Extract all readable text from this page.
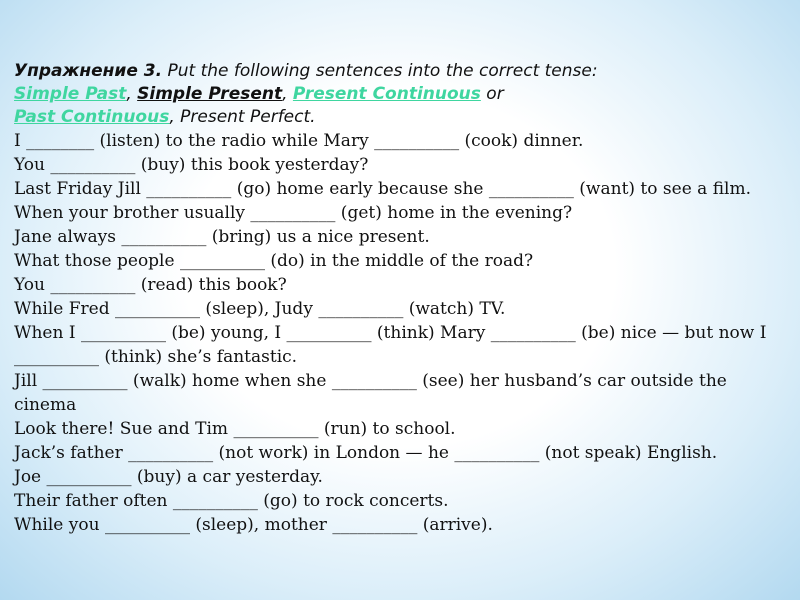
Упражнение 3. Put the following sentences into the correct tense:
Simple Past, Simple Present, Present Continuous or
Past Continuous, Present Perfect.

I ________ (listen) to the radio while Mary __________ (cook) dinner.
You __________ (buy) this book yesterday?
Last Friday Jill __________ (go) home early because she __________ (want) to see a film.
When your brother usually __________ (get) home in the evening?
Jane always __________ (bring) us a nice present.
What those people __________ (do) in the middle of the road?
You __________ (read) this book?
While Fred __________ (sleep), Judy __________ (watch) TV.
When I __________ (be) young, I __________ (think) Mary __________ (be) nice — but now I __________ (think) she’s fantastic.
Jill __________ (walk) home when she __________ (see) her husband’s car outside the cinema
Look there! Sue and Tim __________ (run) to school.
Jack’s father __________ (not work) in London — he __________ (not speak) English.
Joe __________ (buy) a car yesterday.
Their father often __________ (go) to rock concerts.
While you __________ (sleep), mother __________ (arrive).
